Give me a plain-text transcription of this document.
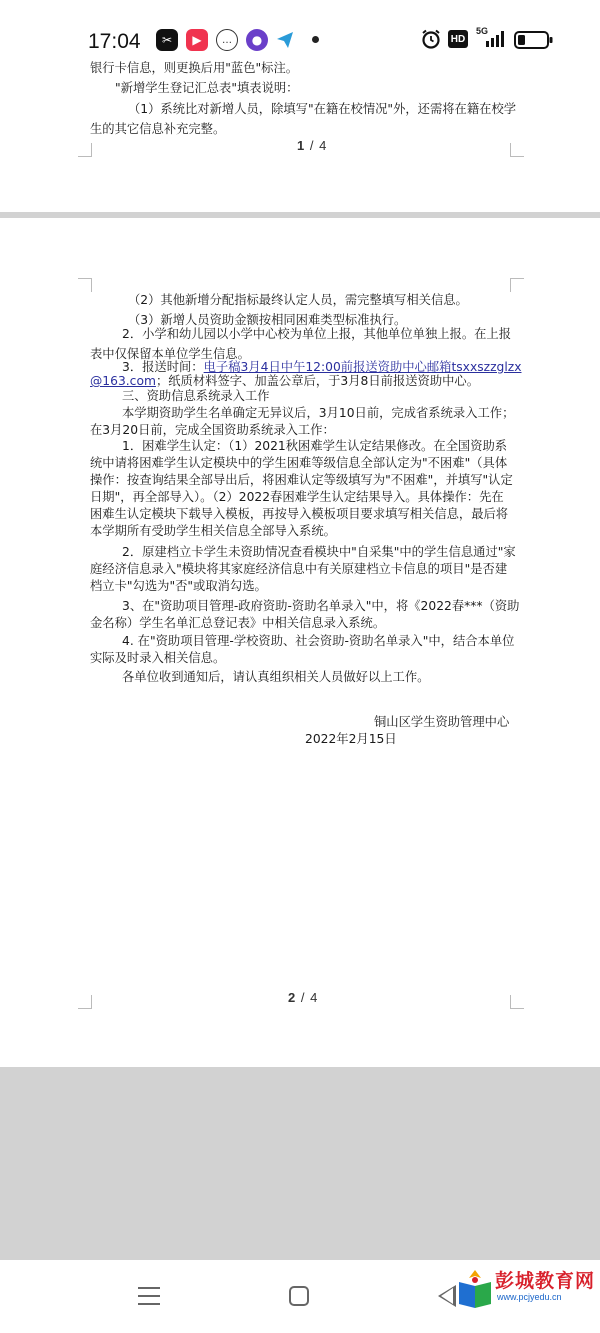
17:04	✂	▶	…	●	HD
5G
银行卡信息，则更换后用"蓝色"标注。
"新增学生登记汇总表"填表说明：
（1）系统比对新增人员，除填写"在籍在校情况"外，还需将在籍在校学
生的其它信息补充完整。
1 / 4
（2）其他新增分配指标最终认定人员，需完整填写相关信息。
（3）新增人员资助金额按相同困难类型标准执行。
2．小学和幼儿园以小学中心校为单位上报，其他单位单独上报。在上报
表中仅保留本单位学生信息。
3．报送时间：电子稿3月4日中午12:00前报送资助中心邮箱tsxxszzglzx
@163.com；纸质材料签字、加盖公章后，于3月8日前报送资助中心。
三、资助信息系统录入工作
本学期资助学生名单确定无异议后，3月10日前，完成省系统录入工作；
在3月20日前，完成全国资助系统录入工作：
1．困难学生认定：（1）2021秋困难学生认定结果修改。在全国资助系
统中请将困难学生认定模块中的学生困难等级信息全部认定为"不困难"（具体
操作：按查询结果全部导出后，将困难认定等级填写为"不困难"，并填写"认定
日期"，再全部导入）。（2）2022春困难学生认定结果导入。具体操作：先在
困难生认定模块下载导入模板，再按导入模板项目要求填写相关信息，最后将
本学期所有受助学生相关信息全部导入系统。
2．原建档立卡学生未资助情况查看模块中"自采集"中的学生信息通过"家
庭经济信息录入"模块将其家庭经济信息中有关原建档立卡信息的项目"是否建
档立卡"勾选为"否"或取消勾选。
3、在"资助项目管理-政府资助-资助名单录入"中，将《2022春***（资助
金名称）学生名单汇总登记表》中相关信息录入系统。
4. 在"资助项目管理-学校资助、社会资助-资助名单录入"中，结合本单位
实际及时录入相关信息。
各单位收到通知后，请认真组织相关人员做好以上工作。
铜山区学生资助管理中心
2022年2月15日
2 / 4
彭城教育网
www.pcjyedu.cn
